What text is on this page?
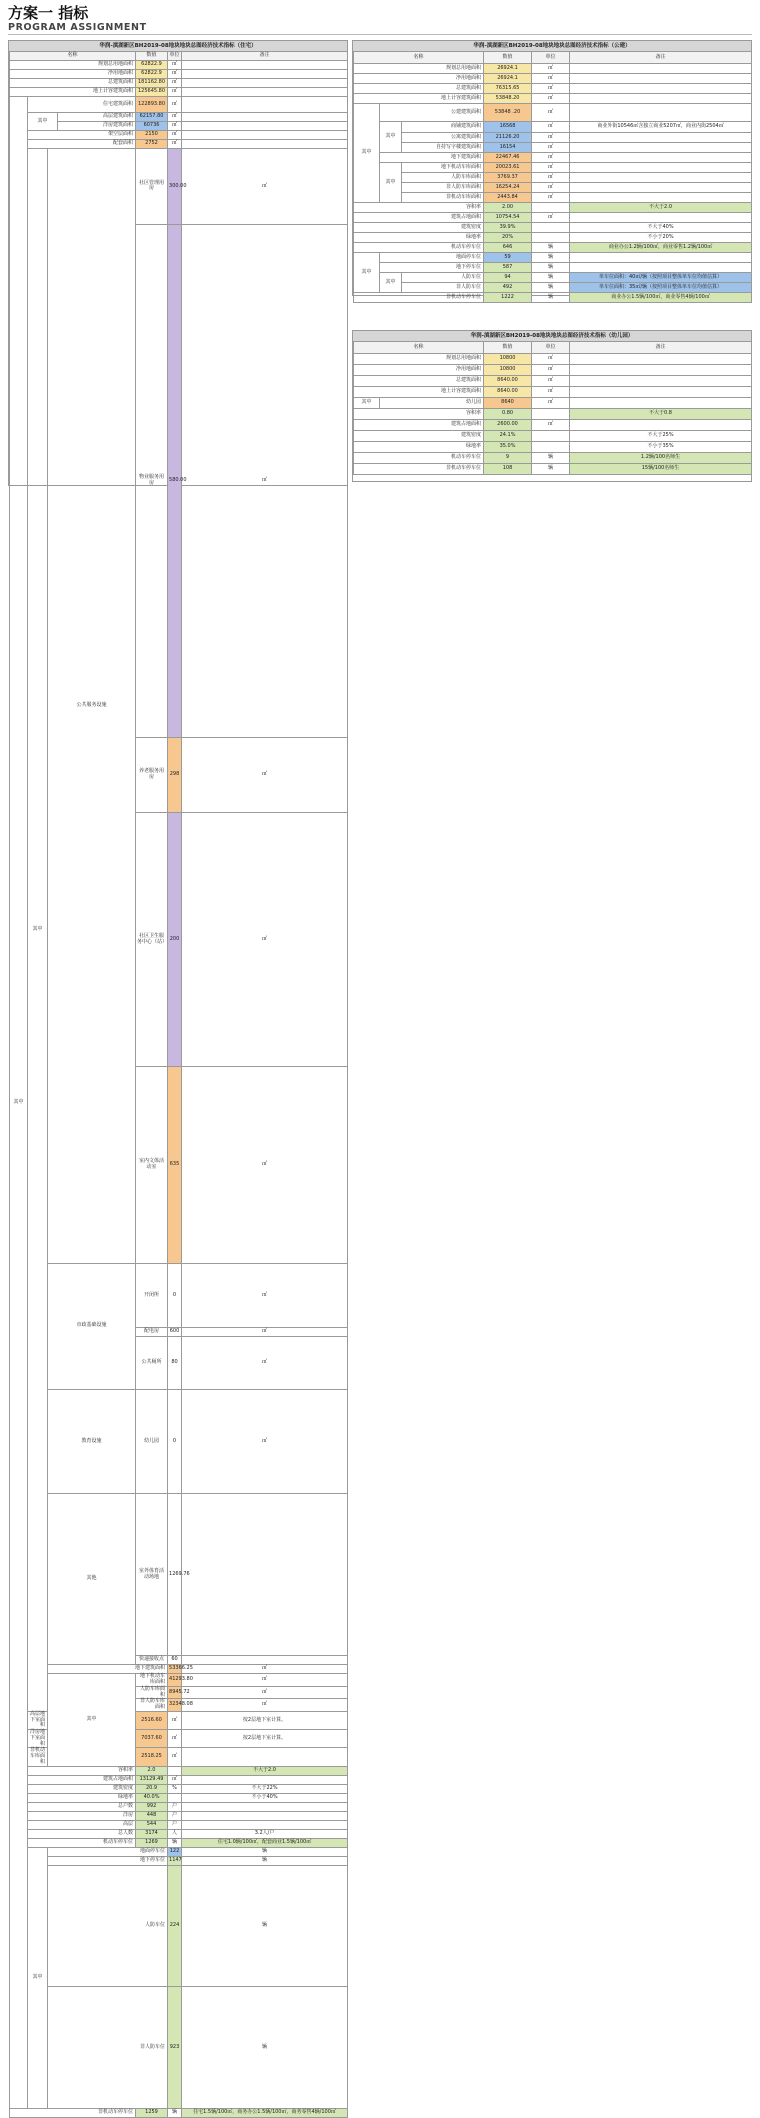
方案一 指标
PROGRAM ASSIGNMENT
华润-滇湖新区BH2019-08地块地块总图经济技术指标（住宅）
名称				数值	单位	备注	
规划总用地面积				62822.9	㎡		
净用地面积				62822.9	㎡		
总建筑面积				181162.80	㎡		
地上计容建筑面积				125645.80	㎡		
其中	住宅建筑面积			122893.80	㎡		
	其中		高层建筑面积	62157.80	㎡		
			洋房建筑面积	60736	㎡		
	架空层面积			2150	㎡		
	配套面积			2752	㎡		
	其中	公共服务设施		社区管理用房	300.00	㎡	
				物业服务用房	580.00	㎡	
				养老服务用房	298	㎡	
				社区卫生服务中心（站）	200	㎡	
				室内文体活动室	635	㎡	
		市政基础设施		开闭所	0	㎡	
				配电房	600	㎡	
				公共厕所	80	㎡	
		教育设施		幼儿园	0	㎡	
		其他		室外体育活动场地	1269.76		
				快递接收点	60		
		地下建筑面积			53366.25	㎡	
		其中		地下机动车库面积	41293.80	㎡	
				人防车库面积	8945.72	㎡	
				非人防车库面积	32348.08	㎡	
	高层地下室面积			2516.60	㎡	按2层地下室计算。	
	洋房地下室面积			7037.60	㎡	按2层地下室计算。	
	非机动车库面积			2518.25	㎡		
	容积率			2.0		不大于2.0	
	建筑占地面积			13129.49	㎡		
	建筑密度			20.9	%	不大于22%	
	绿地率			40.0%		不小于40%	
	总户数			992	户		
	洋房			448	户		
	高层			544	户		
	总人数			3174	人	3.2人/户	
	机动车停车位			1269	辆	住宅1.0辆/100㎡，配套商业1.5辆/100㎡	
	其中	地面停车位			122	辆	
		地下停车位			1147	辆	
		人防车位			224	辆	
		非人防车位			923	辆	
非机动车停车位				1259	辆	住宅1.5辆/100㎡，商务办公1.5辆/100㎡，商务零售4辆/100㎡	
华润-滇湖新区BH2019-08地块地块总图经济技术指标（公建）
名称			数值	单位	备注
规划总用地面积			26924.1	㎡	
净用地面积			26924.1	㎡	
总建筑面积			76315.65	㎡	
地上计容建筑面积			53848.20	㎡	
其中	公建建筑面积		53848 .20	㎡	
	其中	商铺建筑面积	16568	㎡	商业外街10546㎡含独立商业5207㎡，商业内街2504㎡
		公寓建筑面积	21126.20	㎡	
		自持写字楼建筑面积	16154	㎡	
	地下建筑面积		22467.46	㎡	
	其中	地下机动车库面积	20023.61	㎡	
		人防车库面积	3769.37	㎡	
		非人防车库面积	16254.24	㎡	
		非机动车库面积	2443.84	㎡	
容积率			2.00		不大于2.0
建筑占地面积			10754.54	㎡	
建筑密度			39.9%		不大于40%
绿地率			20%		不小于20%
机动车停车位			646	辆	商业办公1.2辆/100㎡，商业零售1.2辆/100㎡
其中	地面停车位		59	辆	
	地下停车位		587	辆	
	其中	人防车位	94	辆	单车位面积：40㎡/辆（按照项目整体单车位均值估算）
		非人防车位	492	辆	单车位面积：35㎡/辆（按照项目整体单车位均值估算）
非机动车停车位			1222	辆	商业办公1.5辆/100㎡，商业零售4辆/100㎡
华润-滇湖新区BH2019-08地块地块总图经济技术指标（幼儿园）
名称		数值	单位	备注
规划总用地面积		10800	㎡	
净用地面积		10800	㎡	
总建筑面积		8640.00	㎡	
地上计容建筑面积		8640.00	㎡	
其中	幼儿园	8640	㎡	
容积率		0.80		不大于0.8
建筑占地面积		2600.00	㎡	
建筑密度		24.1%		不大于25%
绿地率		35.0%		不小于35%
机动车停车位		9	辆	1.2辆/100名师生
非机动车停车位		108	辆	15辆/100名师生
